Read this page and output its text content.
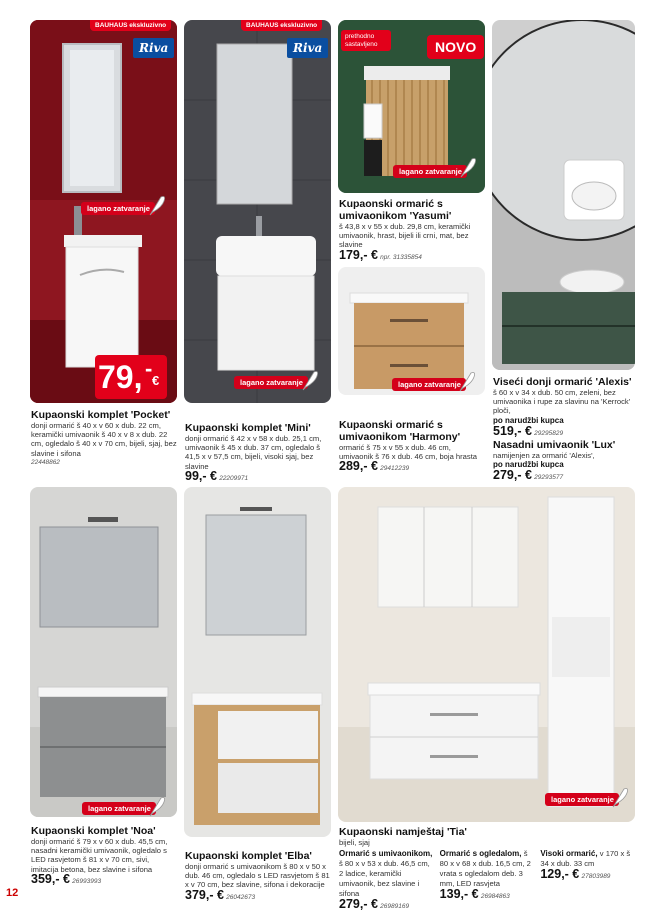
BAUHAUS ekskluzivno
Riva
lagano zatvaranje
79, - €
BAUHAUS ekskluzivno
Riva
lagano zatvaranje
prethodno sastavljeno	NOVO
lagano zatvaranje
Kupaonski ormarić s umivaonikom 'Yasumi'
š 43,8 x v 55 x dub. 29,8 cm, keramički umivaonik, hrast, bijeli ili crni, mat, bez slavine
179,- € npr. 31335854
lagano zatvaranje	Viseći donji ormarić 'Alexis'
š 60 x v 34 x dub. 50 cm, zeleni, bez umivaonika i rupe za slavinu na 'Kerrock' ploči,
po narudžbi kupca
519,- € 29295829
Nasadni umivaonik 'Lux'
namijenjen za ormarić 'Alexis',
po narudžbi kupca
279,- € 29293577
Kupaonski komplet 'Pocket'
donji ormarić š 40 x v 60 x dub. 22 cm, keramički umivaonik š 40 x v 8 x dub. 22 cm, ogledalo š 40 x v 70 cm, bijeli, sjaj, bez slavine i sifona
22448862
Kupaonski komplet 'Mini'
donji ormarić š 42 x v 58 x dub. 25,1 cm, umivaonik š 45 x dub. 37 cm, ogledalo š 41,5 x v 57,5 cm, bijeli, visoki sjaj, bez slavine
99,- € 22209971
Kupaonski ormarić s umivaonikom 'Harmony'
ormarić š 75 x v 55 x dub. 46 cm, umivaonik š 76 x dub. 46 cm, boja hrasta
289,- € 29412239
lagano zatvaranje
lagano zatvaranje
Kupaonski komplet 'Noa'
donji ormarić š 79 x v 60 x dub. 45,5 cm, nasadni keramički umivaonik, ogledalo s LED rasvjetom š 81 x v 70 cm, sivi, imitacija betona, bez slavine i sifona
359,- € 26993993
Kupaonski komplet 'Elba'
donji ormarić s umivaonikom š 80 x v 50 x dub. 46 cm, ogledalo s LED rasvjetom š 81 x v 70 cm, bez slavine, sifona i dekoracije
379,- € 26042673
Kupaonski namještaj 'Tia'
bijeli, sjaj
Ormarić s umivaonikom, š 80 x v 53 x dub. 46,5 cm, 2 ladice, keramički umivaonik, bez slavine i sifona
279,- € 26989169
Ormarić s ogledalom, š 80 x v 68 x dub. 16,5 cm, 2 vrata s ogledalom deb. 3 mm, LED rasvjeta
139,- € 26984863
Visoki ormarić, v 170 x š 34 x dub. 33 cm
129,- € 27803989
12
